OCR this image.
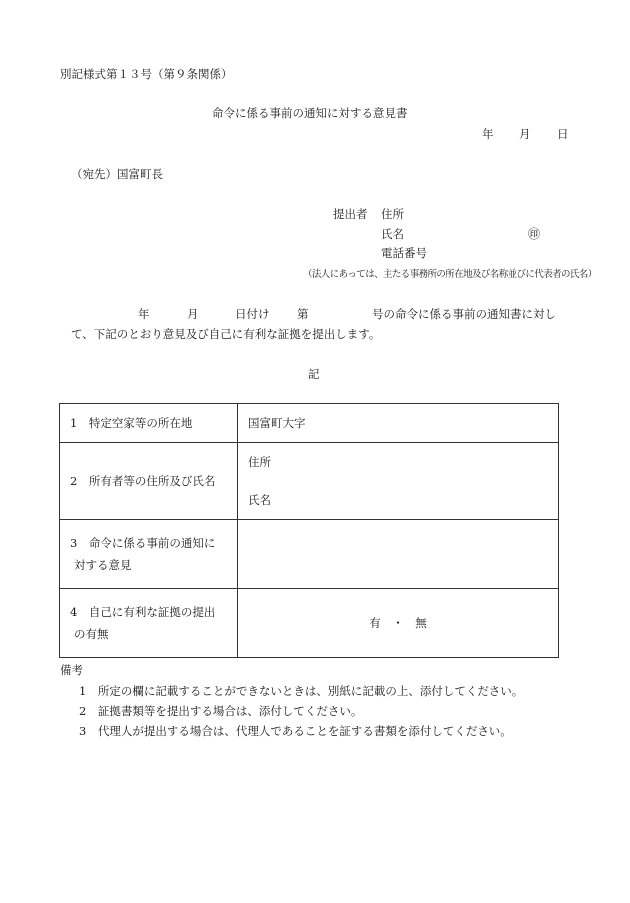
別記様式第１３号（第９条関係）
命令に係る事前の通知に対する意見書
年 月 日
（宛先）国富町長
提出者 住所
氏名	㊞
電話番号
（法人にあっては、主たる事務所の所在地及び名称並びに代表者の氏名）
年	月	日付け 第	号の命令に係る事前の通知書に対し
て、下記のとおり意見及び自己に有利な証拠を提出します。
記
1　特定空家等の所在地	国富町大字
2　所有者等の住所及び氏名	住所
氏名

3　命令に係る事前の通知に
対する意見	

4　自己に有利な証拠の提出
の有無	有　・　無
備考
1　所定の欄に記載することができないときは、別紙に記載の上、添付してください。
2　証拠書類等を提出する場合は、添付してください。
3　代理人が提出する場合は、代理人であることを証する書類を添付してください。
